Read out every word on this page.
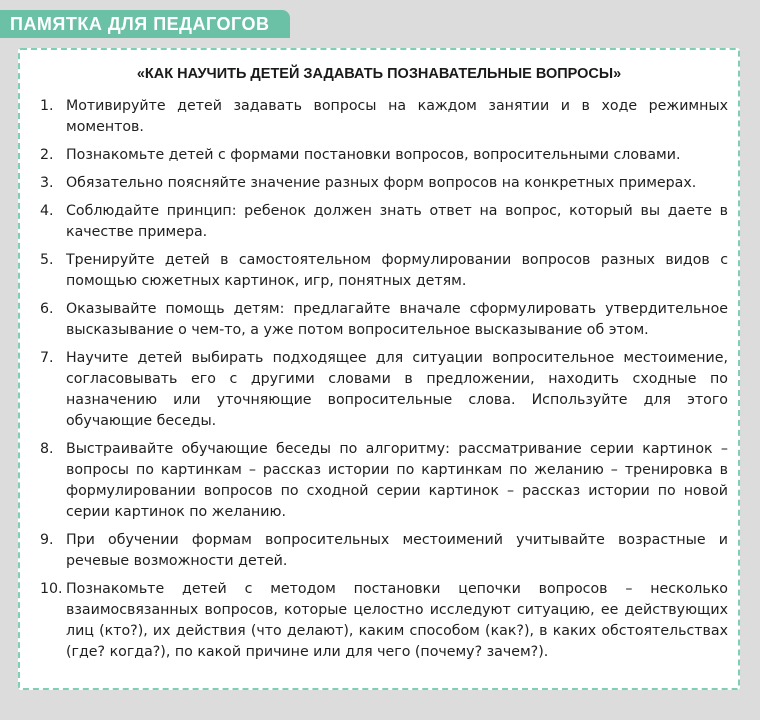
ПАМЯТКА ДЛЯ ПЕДАГОГОВ
«КАК НАУЧИТЬ ДЕТЕЙ ЗАДАВАТЬ ПОЗНАВАТЕЛЬНЫЕ ВОПРОСЫ»
1. Мотивируйте детей задавать вопросы на каждом занятии и в ходе режимных моментов.
2. Познакомьте детей с формами постановки вопросов, вопросительными словами.
3. Обязательно поясняйте значение разных форм вопросов на конкретных примерах.
4. Соблюдайте принцип: ребенок должен знать ответ на вопрос, который вы даете в качестве примера.
5. Тренируйте детей в самостоятельном формулировании вопросов разных видов с помощью сюжетных картинок, игр, понятных детям.
6. Оказывайте помощь детям: предлагайте вначале сформулировать утвердительное высказывание о чем-то, а уже потом вопросительное высказывание об этом.
7. Научите детей выбирать подходящее для ситуации вопросительное местоимение, согласовывать его с другими словами в предложении, находить сходные по назначению или уточняющие вопросительные слова. Используйте для этого обучающие беседы.
8. Выстраивайте обучающие беседы по алгоритму: рассматривание серии картинок – вопросы по картинкам – рассказ истории по картинкам по желанию – тренировка в формулировании вопросов по сходной серии картинок – рассказ истории по новой серии картинок по желанию.
9. При обучении формам вопросительных местоимений учитывайте возрастные и речевые возможности детей.
10. Познакомьте детей с методом постановки цепочки вопросов – несколько взаимосвязанных вопросов, которые целостно исследуют ситуацию, ее действующих лиц (кто?), их действия (что делают), каким способом (как?), в каких обстоятельствах (где? когда?), по какой причине или для чего (почему? зачем?).
